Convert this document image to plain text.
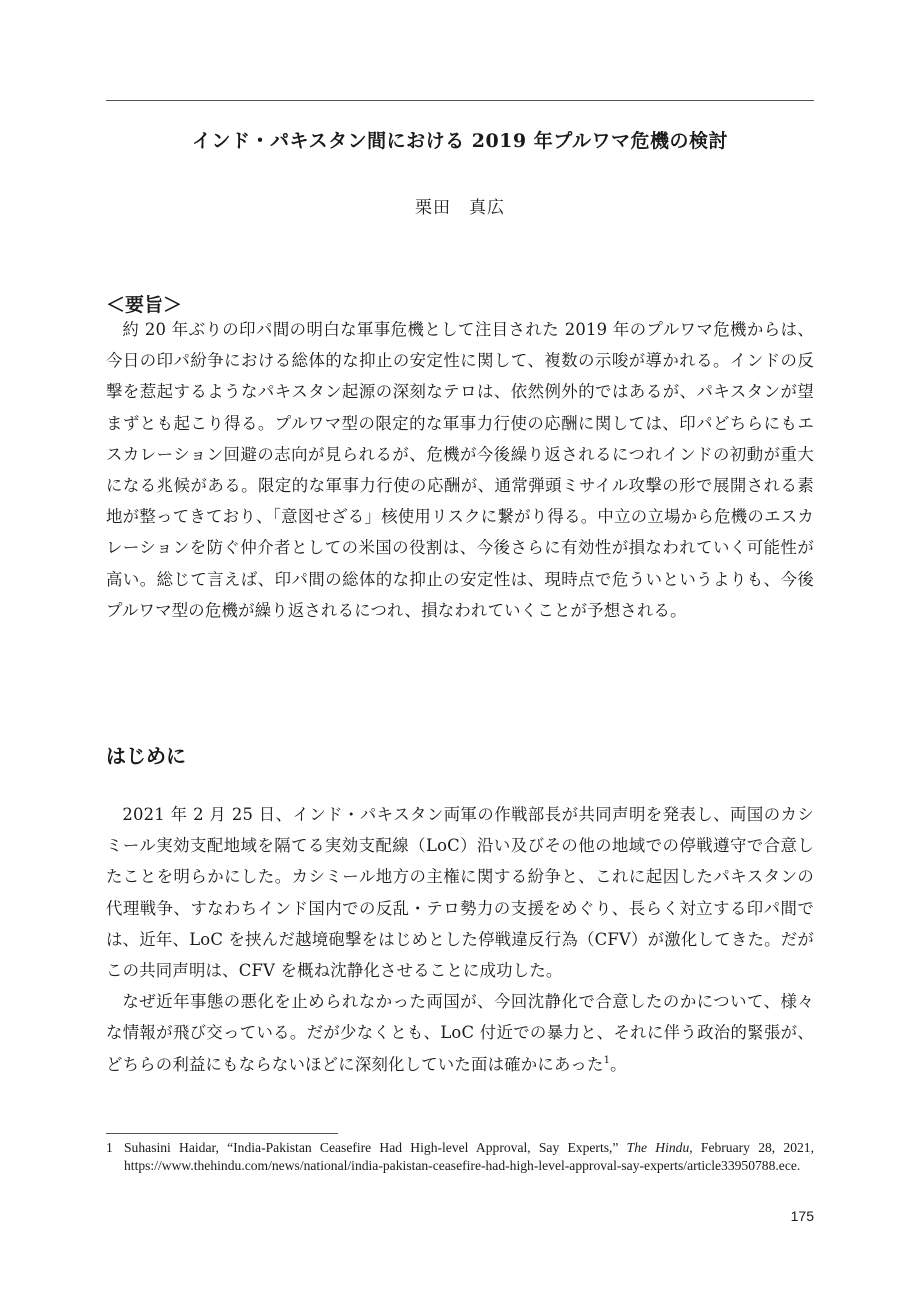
インド・パキスタン間における 2019 年プルワマ危機の検討
栗田　真広
＜要旨＞

約 20 年ぶりの印パ間の明白な軍事危機として注目された 2019 年のプルワマ危機からは、今日の印パ紛争における総体的な抑止の安定性に関して、複数の示唆が導かれる。インドの反撃を惹起するようなパキスタン起源の深刻なテロは、依然例外的ではあるが、パキスタンが望まずとも起こり得る。プルワマ型の限定的な軍事力行使の応酬に関しては、印パどちらにもエスカレーション回避の志向が見られるが、危機が今後繰り返されるにつれインドの初動が重大になる兆候がある。限定的な軍事力行使の応酬が、通常弾頭ミサイル攻撃の形で展開される素地が整ってきており、「意図せざる」核使用リスクに繋がり得る。中立の立場から危機のエスカレーションを防ぐ仲介者としての米国の役割は、今後さらに有効性が損なわれていく可能性が高い。総じて言えば、印パ間の総体的な抑止の安定性は、現時点で危ういというよりも、今後プルワマ型の危機が繰り返されるにつれ、損なわれていくことが予想される。

はじめに

2021 年 2 月 25 日、インド・パキスタン両軍の作戦部長が共同声明を発表し、両国のカシミール実効支配地域を隔てる実効支配線（LoC）沿い及びその他の地域での停戦遵守で合意したことを明らかにした。カシミール地方の主権に関する紛争と、これに起因したパキスタンの代理戦争、すなわちインド国内での反乱・テロ勢力の支援をめぐり、長らく対立する印パ間では、近年、LoC を挟んだ越境砲撃をはじめとした停戦違反行為（CFV）が激化してきた。だがこの共同声明は、CFV を概ね沈静化させることに成功した。

なぜ近年事態の悪化を止められなかった両国が、今回沈静化で合意したのかについて、様々な情報が飛び交っている。だが少なくとも、LoC 付近での暴力と、それに伴う政治的緊張が、どちらの利益にもならないほどに深刻化していた面は確かにあった$^1$。

1 Suhasini Haidar, “India-Pakistan Ceasefire Had High-level Approval, Say Experts,” The Hindu, February 28, 2021, https://www.thehindu.com/news/national/india-pakistan-ceasefire-had-high-level-approval-say-experts/article33950788.ece.
175
